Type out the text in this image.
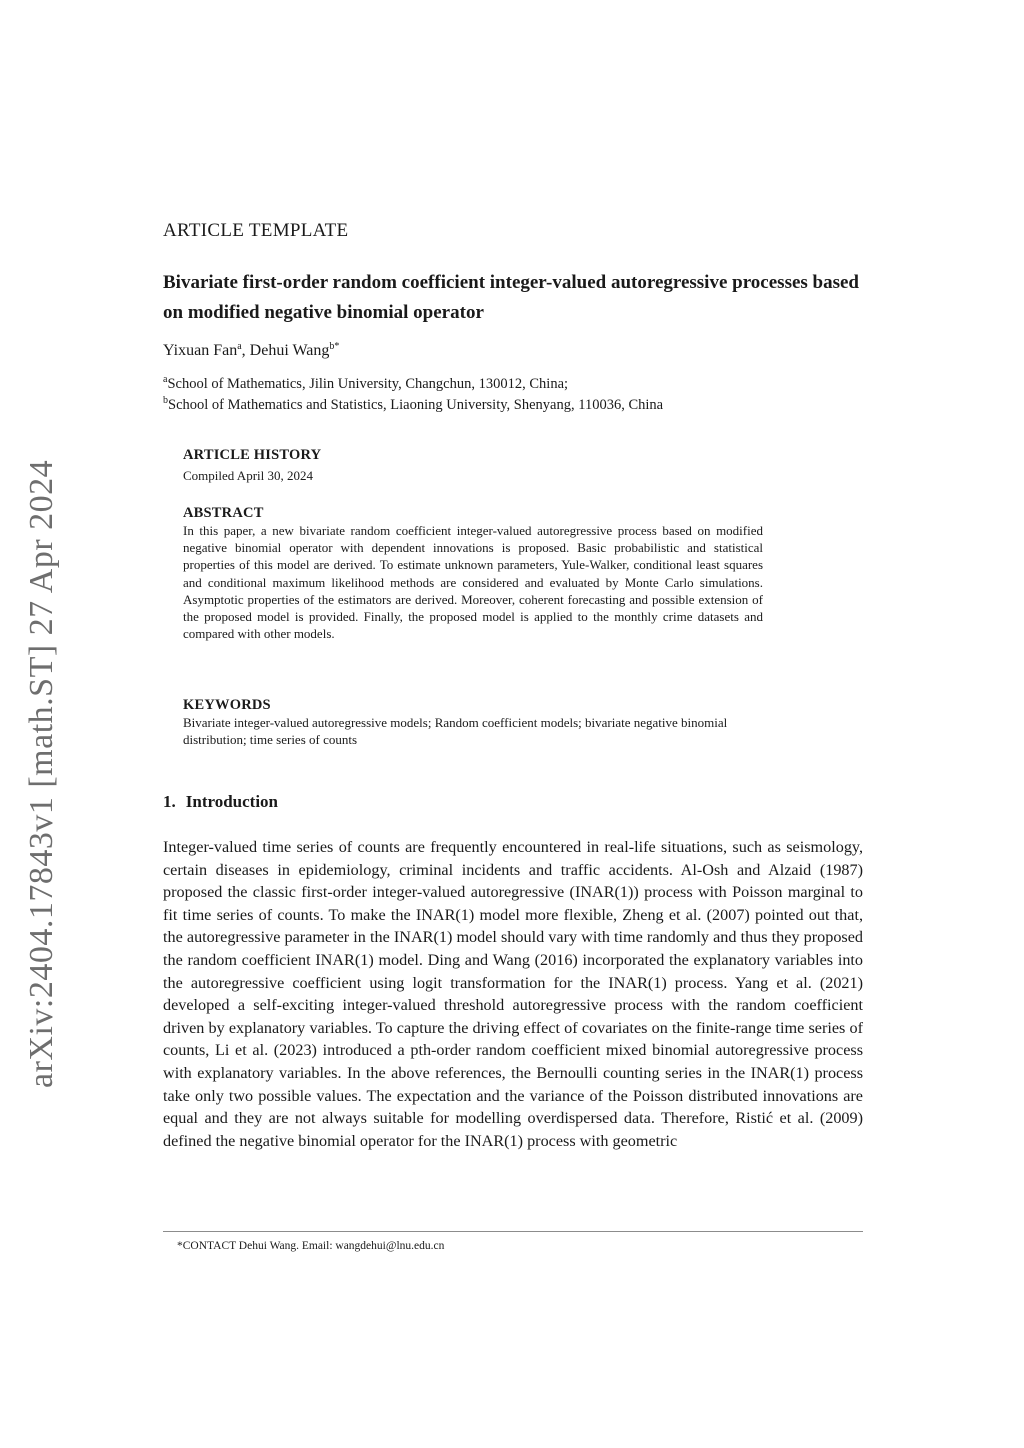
arXiv:2404.17843v1 [math.ST] 27 Apr 2024
ARTICLE TEMPLATE
Bivariate first-order random coefficient integer-valued autoregressive processes based on modified negative binomial operator
Yixuan Fan$^a$, Dehui Wang$^{b*}$
$^a$School of Mathematics, Jilin University, Changchun, 130012, China;
$^b$School of Mathematics and Statistics, Liaoning University, Shenyang, 110036, China
ARTICLE HISTORY
Compiled April 30, 2024
ABSTRACT
In this paper, a new bivariate random coefficient integer-valued autoregressive process based on modified negative binomial operator with dependent innovations is proposed. Basic probabilistic and statistical properties of this model are derived. To estimate unknown parameters, Yule-Walker, conditional least squares and conditional maximum likelihood methods are considered and evaluated by Monte Carlo simulations. Asymptotic properties of the estimators are derived. Moreover, coherent forecasting and possible extension of the proposed model is provided. Finally, the proposed model is applied to the monthly crime datasets and compared with other models.
KEYWORDS
Bivariate integer-valued autoregressive models; Random coefficient models; bivariate negative binomial distribution; time series of counts
1. Introduction
Integer-valued time series of counts are frequently encountered in real-life situations, such as seismology, certain diseases in epidemiology, criminal incidents and traffic accidents. Al-Osh and Alzaid (1987) proposed the classic first-order integer-valued autoregressive (INAR(1)) process with Poisson marginal to fit time series of counts. To make the INAR(1) model more flexible, Zheng et al. (2007) pointed out that, the autoregressive parameter in the INAR(1) model should vary with time randomly and thus they proposed the random coefficient INAR(1) model. Ding and Wang (2016) incorporated the explanatory variables into the autoregressive coefficient using logit transformation for the INAR(1) process. Yang et al. (2021) developed a self-exciting integer-valued threshold autoregressive process with the random coefficient driven by explanatory variables. To capture the driving effect of covariates on the finite-range time series of counts, Li et al. (2023) introduced a pth-order random coefficient mixed binomial autoregressive process with explanatory variables. In the above references, the Bernoulli counting series in the INAR(1) process take only two possible values. The expectation and the variance of the Poisson distributed innovations are equal and they are not always suitable for modelling overdispersed data. Therefore, Ristić et al. (2009) defined the negative binomial operator for the INAR(1) process with geometric
*CONTACT Dehui Wang. Email: wangdehui@lnu.edu.cn
